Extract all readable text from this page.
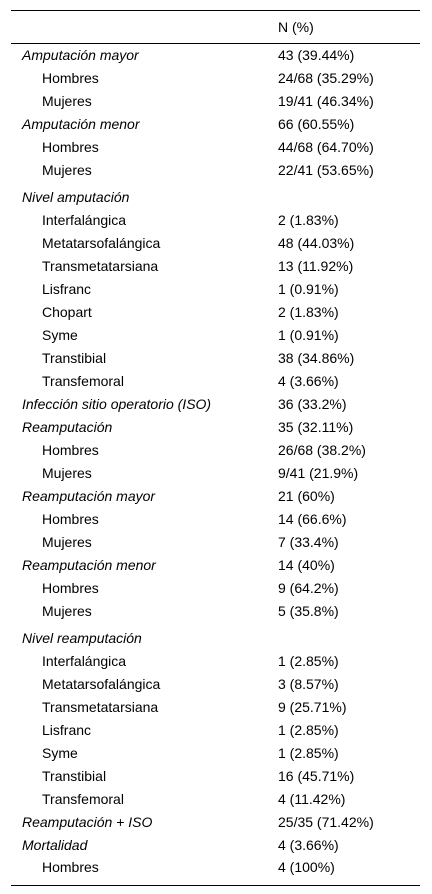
	N (%)
Amputación mayor	43 (39.44%)
Hombres	24/68 (35.29%)
Mujeres	19/41 (46.34%)
Amputación menor	66 (60.55%)
Hombres	44/68 (64.70%)
Mujeres	22/41 (53.65%)
Nivel amputación	
Interfalángica	2 (1.83%)
Metatarsofalángica	48 (44.03%)
Transmetatarsiana	13 (11.92%)
Lisfranc	1 (0.91%)
Chopart	2 (1.83%)
Syme	1 (0.91%)
Transtibial	38 (34.86%)
Transfemoral	4 (3.66%)
Infección sitio operatorio (ISO)	36 (33.2%)
Reamputación	35 (32.11%)
Hombres	26/68 (38.2%)
Mujeres	9/41 (21.9%)
Reamputación mayor	21 (60%)
Hombres	14 (66.6%)
Mujeres	7 (33.4%)
Reamputación menor	14 (40%)
Hombres	9 (64.2%)
Mujeres	5 (35.8%)
Nivel reamputación	
Interfalángica	1 (2.85%)
Metatarsofalángica	3 (8.57%)
Transmetatarsiana	9 (25.71%)
Lisfranc	1 (2.85%)
Syme	1 (2.85%)
Transtibial	16 (45.71%)
Transfemoral	4 (11.42%)
Reamputación + ISO	25/35 (71.42%)
Mortalidad	4 (3.66%)
Hombres	4 (100%)
